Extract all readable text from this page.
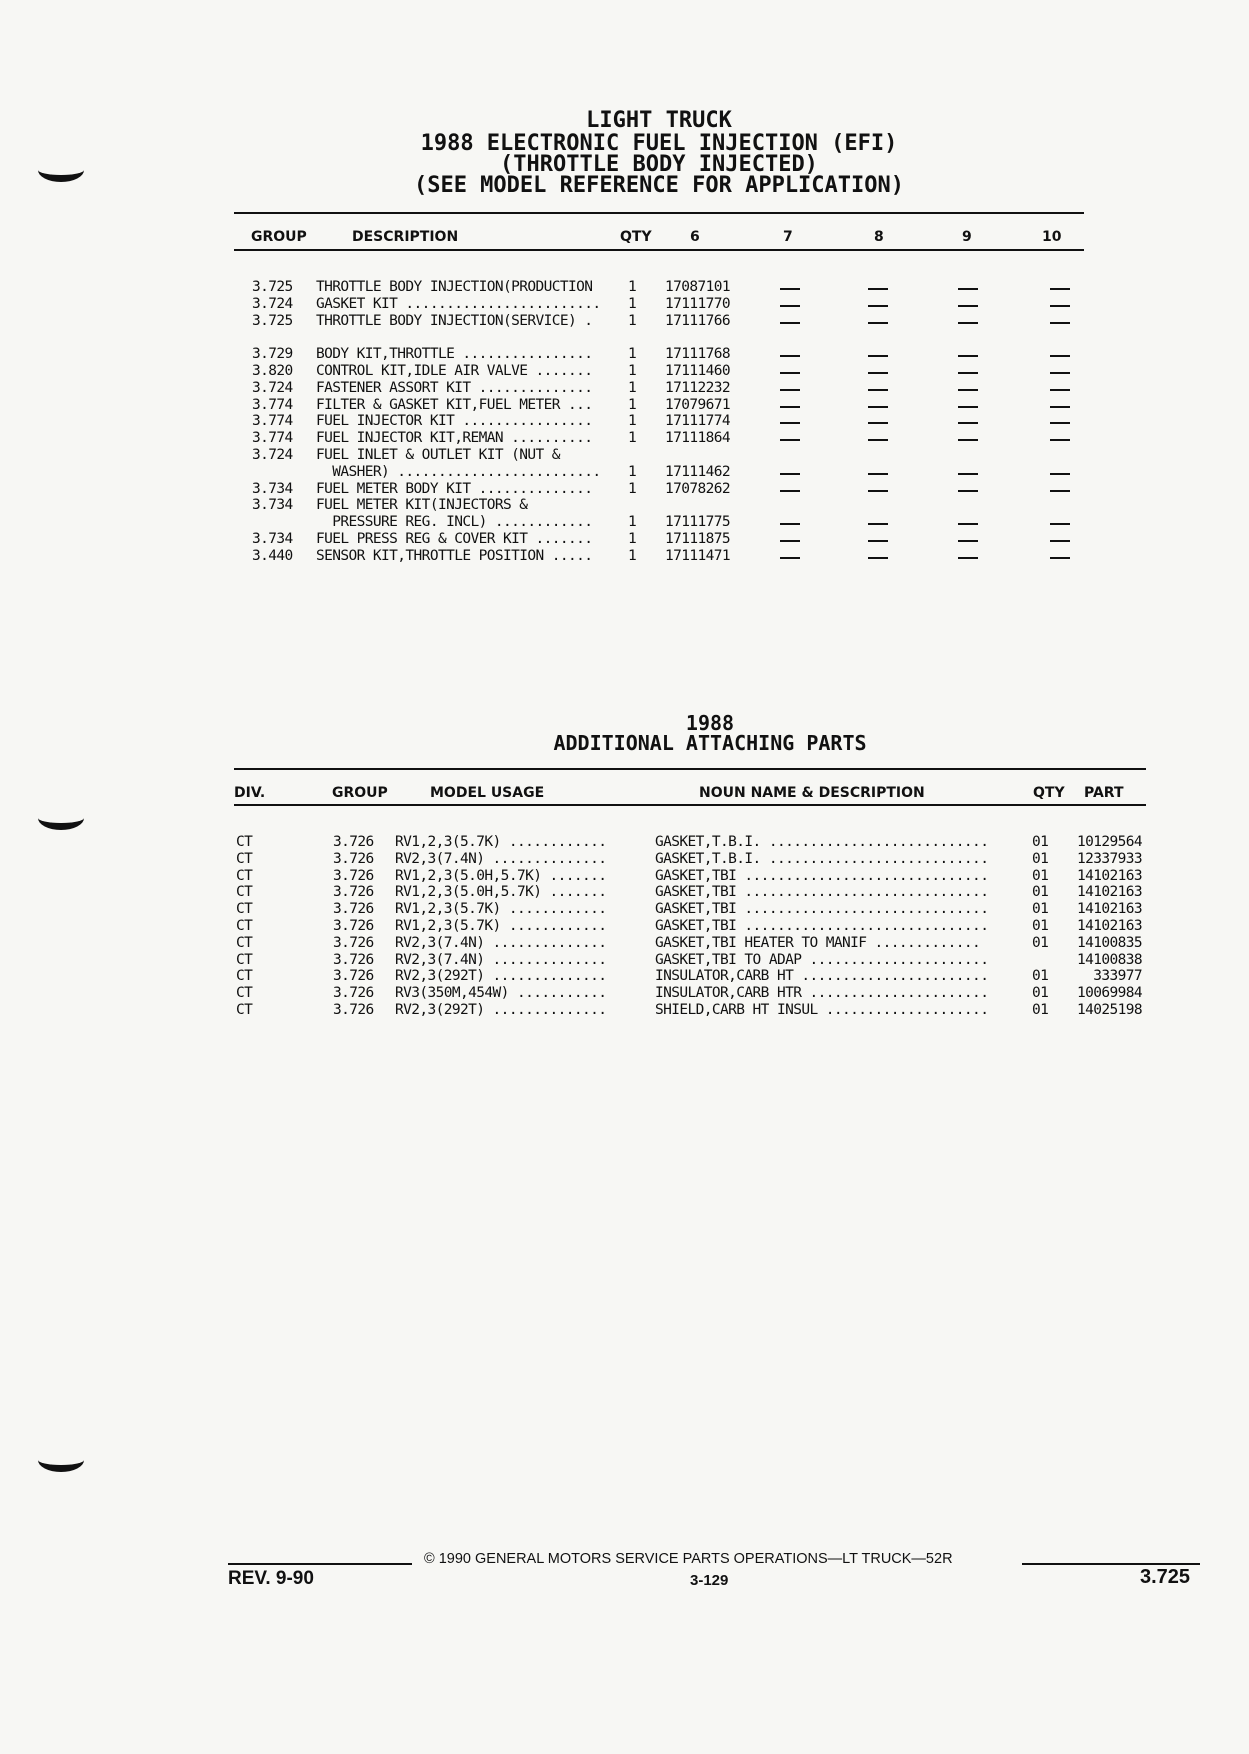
LIGHT TRUCK
1988 ELECTRONIC FUEL INJECTION (EFI)
(THROTTLE BODY INJECTED)
(SEE MODEL REFERENCE FOR APPLICATION)
GROUP	DESCRIPTION	QTY	6	7	8	9	10
3.725 THROTTLE BODY INJECTION(PRODUCTION 1 17087101
3.724 GASKET KIT ........................ 1 17111770
3.725 THROTTLE BODY INJECTION(SERVICE) . 1 17111766
3.729 BODY KIT,THROTTLE ................ 1 17111768
3.820 CONTROL KIT,IDLE AIR VALVE ....... 1 17111460
3.724 FASTENER ASSORT KIT .............. 1 17112232
3.774 FILTER & GASKET KIT,FUEL METER ... 1 17079671
3.774 FUEL INJECTOR KIT ................ 1 17111774
3.774 FUEL INJECTOR KIT,REMAN .......... 1 17111864
3.724 FUEL INLET & OUTLET KIT (NUT &
WASHER) ......................... 1 17111462
3.734 FUEL METER BODY KIT .............. 1 17078262
3.734 FUEL METER KIT(INJECTORS &
PRESSURE REG. INCL) ............ 1 17111775
3.734 FUEL PRESS REG & COVER KIT ....... 1 17111875
3.440 SENSOR KIT,THROTTLE POSITION ..... 1 17111471
1988
ADDITIONAL ATTACHING PARTS
DIV.	GROUP	MODEL USAGE	NOUN NAME & DESCRIPTION	QTY PART
CT	3.726 RV1,2,3(5.7K) ............	GASKET,T.B.I. ...........................	01 10129564
CT	3.726 RV2,3(7.4N) ..............	GASKET,T.B.I. ...........................	01 12337933
CT	3.726 RV1,2,3(5.0H,5.7K) .......	GASKET,TBI ..............................	01 14102163
CT	3.726 RV1,2,3(5.0H,5.7K) .......	GASKET,TBI ..............................	01 14102163
CT	3.726 RV1,2,3(5.7K) ............	GASKET,TBI ..............................	01 14102163
CT	3.726 RV1,2,3(5.7K) ............	GASKET,TBI ..............................	01 14102163
CT	3.726 RV2,3(7.4N) ..............	GASKET,TBI HEATER TO MANIF .............	01 14100835
CT	3.726 RV2,3(7.4N) ..............	GASKET,TBI TO ADAP ......................	14100838
CT	3.726 RV2,3(292T) ..............	INSULATOR,CARB HT .......................	01	333977
CT	3.726 RV3(350M,454W) ...........	INSULATOR,CARB HTR ......................	01 10069984
CT	3.726 RV2,3(292T) ..............	SHIELD,CARB HT INSUL ....................	01 14025198
© 1990 GENERAL MOTORS SERVICE PARTS OPERATIONS—LT TRUCK—52R
REV. 9-90	3-129	3.725
